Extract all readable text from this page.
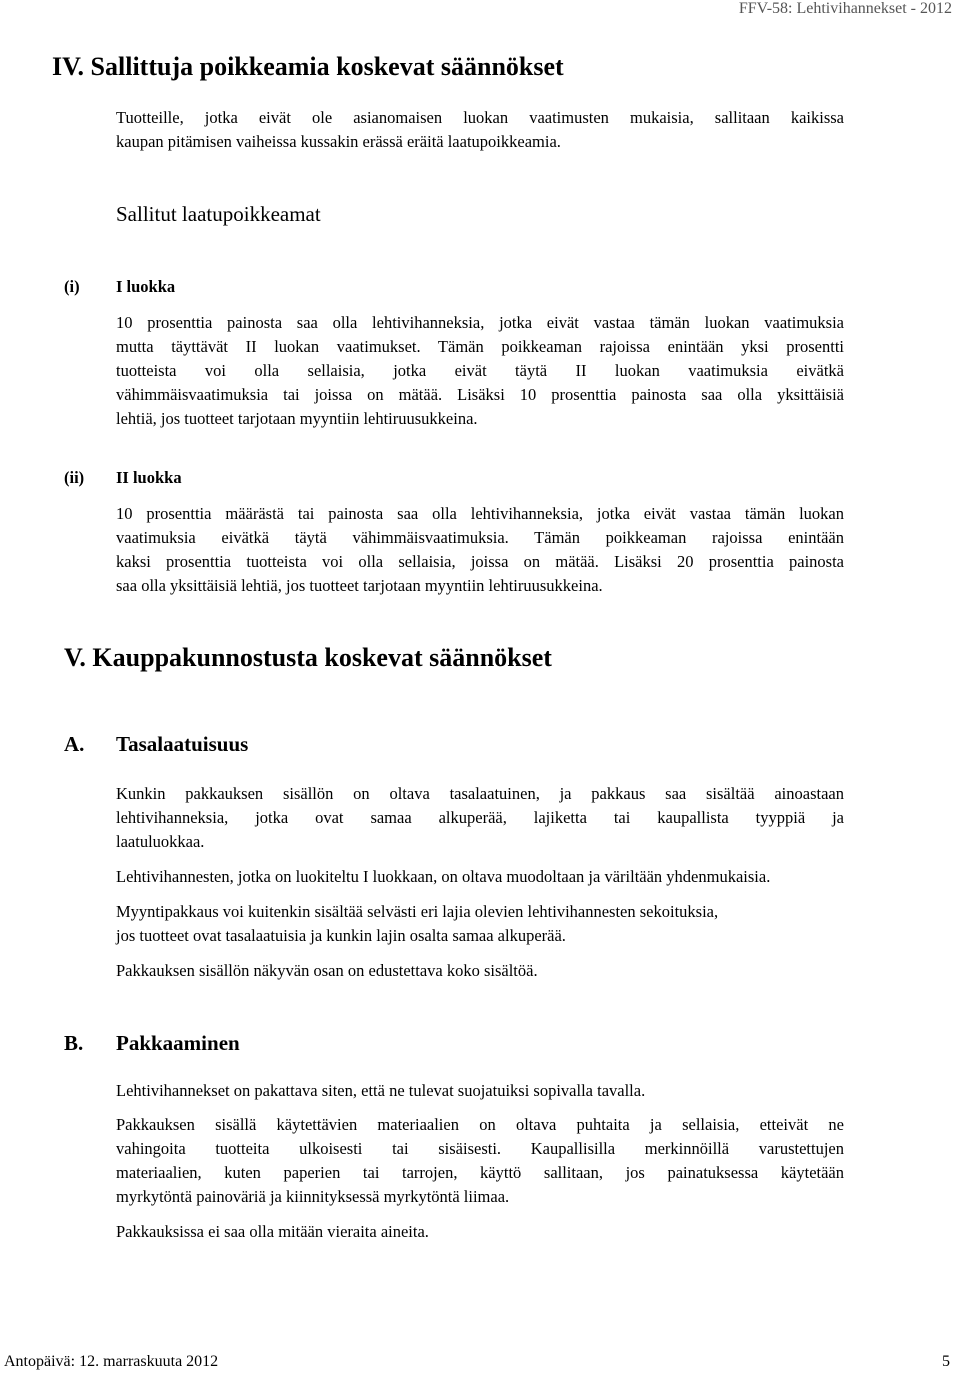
FFV-58: Lehtivihannekset - 2012
IV. Sallittuja poikkeamia koskevat säännökset
Tuotteille, jotka eivät ole asianomaisen luokan vaatimusten mukaisia, sallitaan kaikissa
kaupan pitämisen vaiheissa kussakin erässä eräitä laatupoikkeamia.
Sallitut laatupoikkeamat
(i) I luokka
10 prosenttia painosta saa olla lehtivihanneksia, jotka eivät vastaa tämän luokan vaatimuksia
mutta täyttävät II luokan vaatimukset. Tämän poikkeaman rajoissa enintään yksi prosentti
tuotteista voi olla sellaisia, jotka eivät täytä II luokan vaatimuksia eivätkä
vähimmäisvaatimuksia tai joissa on mätää. Lisäksi 10 prosenttia painosta saa olla yksittäisiä
lehtiä, jos tuotteet tarjotaan myyntiin lehtiruusukkeina.
(ii) II luokka
10 prosenttia määrästä tai painosta saa olla lehtivihanneksia, jotka eivät vastaa tämän luokan
vaatimuksia eivätkä täytä vähimmäisvaatimuksia. Tämän poikkeaman rajoissa enintään
kaksi prosenttia tuotteista voi olla sellaisia, joissa on mätää. Lisäksi 20 prosenttia painosta
saa olla yksittäisiä lehtiä, jos tuotteet tarjotaan myyntiin lehtiruusukkeina.
V. Kauppakunnostusta koskevat säännökset
A. Tasalaatuisuus
Kunkin pakkauksen sisällön on oltava tasalaatuinen, ja pakkaus saa sisältää ainoastaan
lehtivihanneksia, jotka ovat samaa alkuperää, lajiketta tai kaupallista tyyppiä ja
laatuluokkaa.
Lehtivihannesten, jotka on luokiteltu I luokkaan, on oltava muodoltaan ja väriltään yhdenmukaisia.
Myyntipakkaus voi kuitenkin sisältää selvästi eri lajia olevien lehtivihannesten sekoituksia,
jos tuotteet ovat tasalaatuisia ja kunkin lajin osalta samaa alkuperää.
Pakkauksen sisällön näkyvän osan on edustettava koko sisältöä.
B. Pakkaaminen
Lehtivihannekset on pakattava siten, että ne tulevat suojatuiksi sopivalla tavalla.
Pakkauksen sisällä käytettävien materiaalien on oltava puhtaita ja sellaisia, etteivät ne
vahingoita tuotteita ulkoisesti tai sisäisesti. Kaupallisilla merkinnöillä varustettujen
materiaalien, kuten paperien tai tarrojen, käyttö sallitaan, jos painatuksessa käytetään
myrkytöntä painoväriä ja kiinnityksessä myrkytöntä liimaa.
Pakkauksissa ei saa olla mitään vieraita aineita.
Antopäivä: 12. marraskuuta 2012	5
